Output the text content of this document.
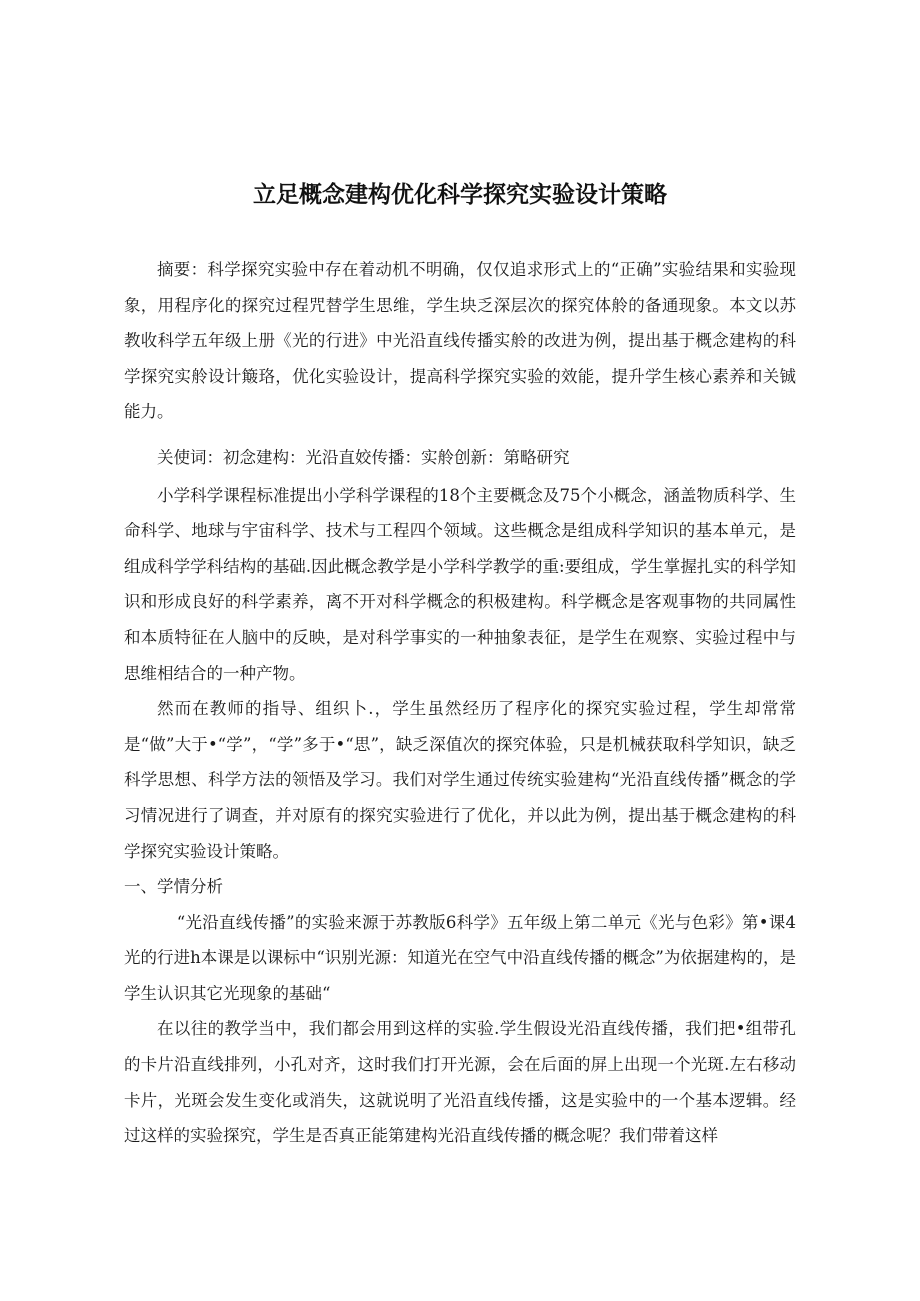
立足概念建构优化科学探究实验设计策略

摘要：科学探究实验中存在着动机不明确，仅仅追求形式上的“正确”实验结果和实验现象，用程序化的探究过程咒替学生思维，学生块乏深层次的探究体舲的备通现象。本文以苏教收科学五年级上册《光的行进》中光沿直线传播实舲的改进为例，提出基于概念建构的科学探究实舲设计簸珞，优化实验设计，提高科学探究实验的效能，提升学生核心素养和关铖能力。

关使词：初念建构：光沿直姣传播：实舲创新：第略研究

小学科学课程标准提出小学科学课程的18个主要概念及75个小概念，涵盖物质科学、生命科学、地球与宇宙科学、技术与工程四个领域。这些概念是组成科学知识的基本单元，是组成科学学科结构的基础.因此概念教学是小学科学教学的重:要组成，学生掌握扎实的科学知识和形成良好的科学素养，离不开对科学概念的积极建构。科学概念是客观事物的共同属性和本质特征在人脑中的反映，是对科学事实的一种抽象表征，是学生在观察、实验过程中与思维相结合的一种产物。

然而在教师的指导、组织卜.，学生虽然经历了程序化的探究实验过程，学生却常常是“做”大于•“学”，“学”多于•“思”，缺乏深值次的探究体验，只是机械获取科学知识，缺乏科学思想、科学方法的领悟及学习。我们对学生通过传统实验建构“光沿直线传播”概念的学习情况进行了调查，并对原有的探究实验进行了优化，并以此为例，提出基于概念建构的科学探究实验设计策略。

一、学情分析

“光沿直线传播”的实验来源于苏教版6科学》五年级上第二单元《光与色彩》第•课4光的行进h本课是以课标中“识别光源：知道光在空气中沿直线传播的概念”为依据建构的，是学生认识其它光现象的基础“

在以往的教学当中，我们都会用到这样的实验.学生假设光沿直线传播，我们把•组带孔的卡片沿直线排列，小孔对齐，这时我们打开光源，会在后面的屏上出现一个光斑.左右移动卡片，光斑会发生变化或消失，这就说明了光沿直线传播，这是实验中的一个基本逻辑。经过这样的实验探究，学生是否真正能第建构光沿直线传播的概念呢？我们带着这样
